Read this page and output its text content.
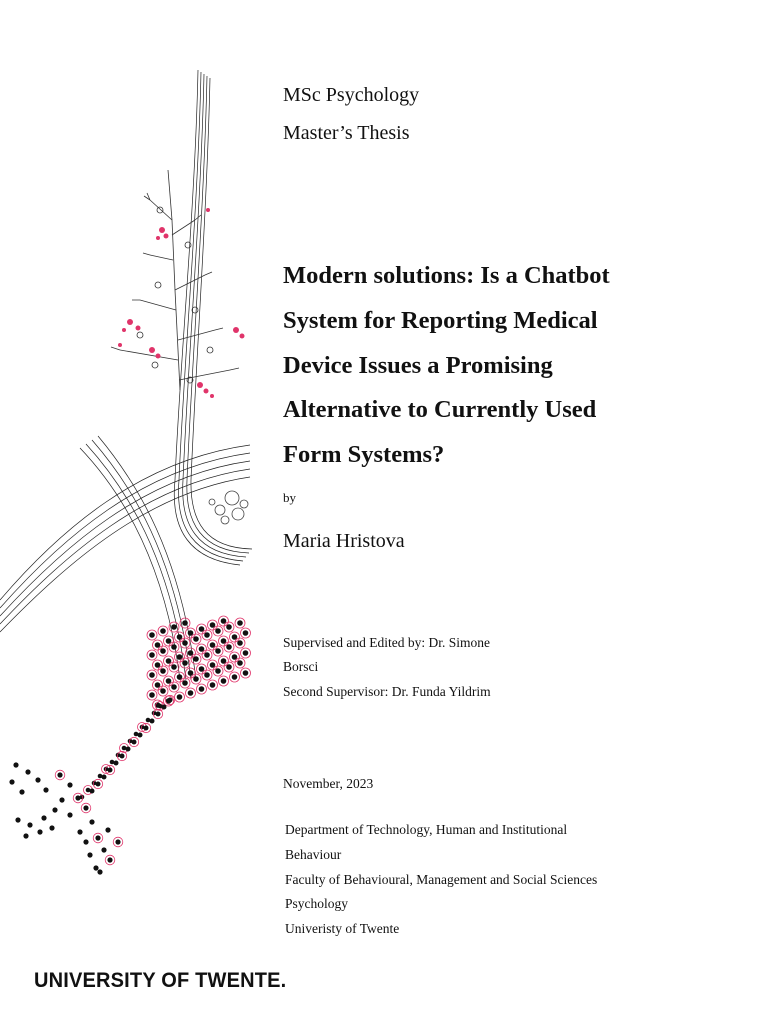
MSc Psychology
Master’s Thesis
Modern solutions: Is a Chatbot
System for Reporting Medical
Device Issues a Promising
Alternative to Currently Used
Form Systems?
by
Maria Hristova
Supervised and Edited by: Dr. Simone
Borsci
Second Supervisor: Dr. Funda Yildrim
November, 2023
Department of Technology, Human and Institutional
Behaviour
Faculty of Behavioural, Management and Social Sciences
Psychology
Univeristy of Twente
UNIVERSITY OF TWENTE.
